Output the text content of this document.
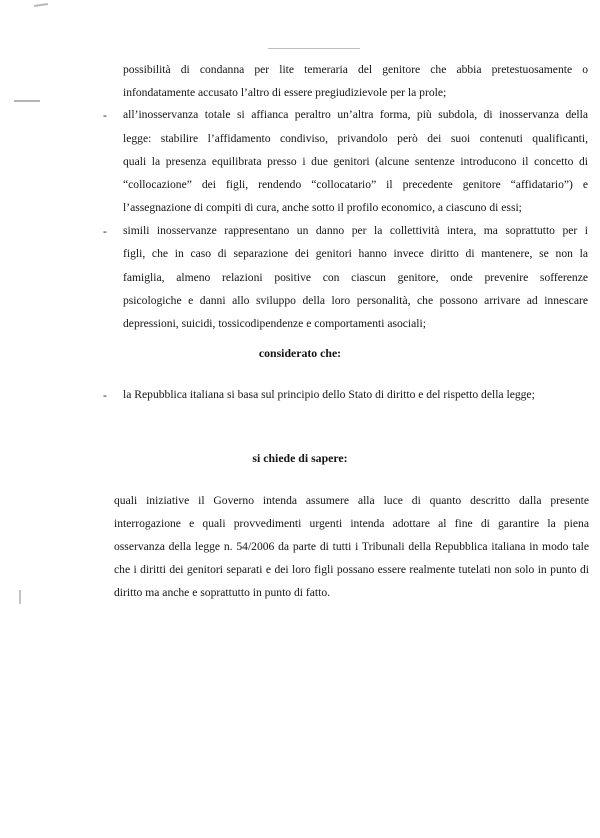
possibilità di condanna per lite temeraria del genitore che abbia pretestuosamente o
infondatamente accusato l’altro di essere pregiudizievole per la prole;
- all’inosservanza totale si affianca peraltro un’altra forma, più subdola, di inosservanza della
legge: stabilire l’affidamento condiviso, privandolo però dei suoi contenuti qualificanti,
quali la presenza equilibrata presso i due genitori (alcune sentenze introducono il concetto di
“collocazione” dei figli, rendendo “collocatario” il precedente genitore “affidatario”) e
l’assegnazione di compiti di cura, anche sotto il profilo economico, a ciascuno di essi;
- simili inosservanze rappresentano un danno per la collettività intera, ma soprattutto per i
figli, che in caso di separazione dei genitori hanno invece diritto di mantenere, se non la
famiglia, almeno relazioni positive con ciascun genitore, onde prevenire sofferenze
psicologiche e danni allo sviluppo della loro personalità, che possono arrivare ad innescare
depressioni, suicidi, tossicodipendenze e comportamenti asociali;
considerato che:
- la Repubblica italiana si basa sul principio dello Stato di diritto e del rispetto della legge;
si chiede di sapere:
quali iniziative il Governo intenda assumere alla luce di quanto descritto dalla presente
interrogazione e quali provvedimenti urgenti intenda adottare al fine di garantire la piena
osservanza della legge n. 54/2006 da parte di tutti i Tribunali della Repubblica italiana in modo tale
che i diritti dei genitori separati e dei loro figli possano essere realmente tutelati non solo in punto di
diritto ma anche e soprattutto in punto di fatto.
